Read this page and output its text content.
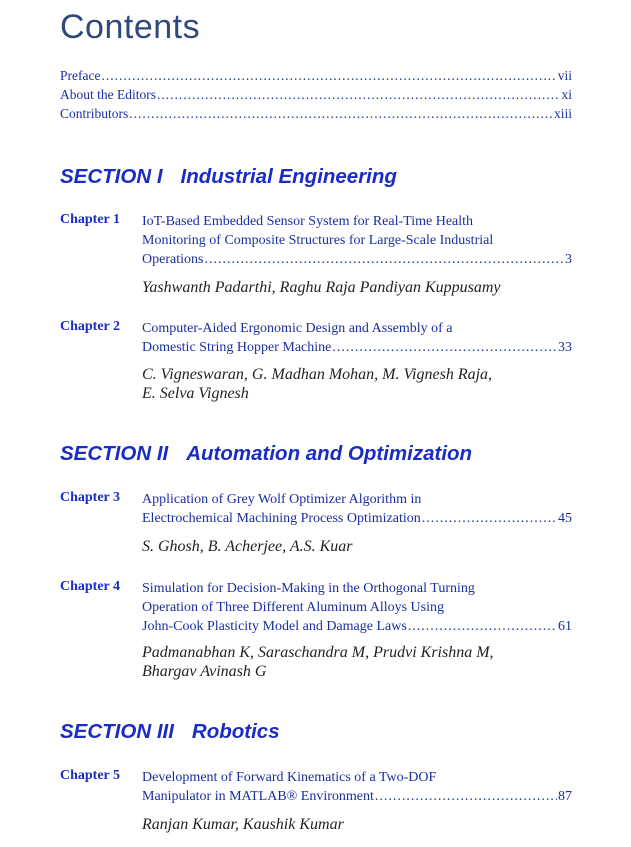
Contents
Preface .....	vii
About the Editors .....	xi
Contributors .....	xiii
SECTION I Industrial Engineering
Chapter 1 IoT-Based Embedded Sensor System for Real-Time Health
Monitoring of Composite Structures for Large-Scale Industrial
Operations .....	3
Yashwanth Padarthi, Raghu Raja Pandiyan Kuppusamy
Chapter 2 Computer-Aided Ergonomic Design and Assembly of a
Domestic String Hopper Machine .....	33
C. Vigneswaran, G. Madhan Mohan, M. Vignesh Raja,
E. Selva Vignesh
SECTION II Automation and Optimization
Chapter 3 Application of Grey Wolf Optimizer Algorithm in
Electrochemical Machining Process Optimization .....	45
S. Ghosh, B. Acherjee, A.S. Kuar
Chapter 4 Simulation for Decision-Making in the Orthogonal Turning
Operation of Three Different Aluminum Alloys Using
John-Cook Plasticity Model and Damage Laws .....	61
Padmanabhan K, Saraschandra M, Prudvi Krishna M,
Bhargav Avinash G
SECTION III Robotics
Chapter 5 Development of Forward Kinematics of a Two-DOF
Manipulator in MATLAB® Environment .....	87
Ranjan Kumar, Kaushik Kumar
